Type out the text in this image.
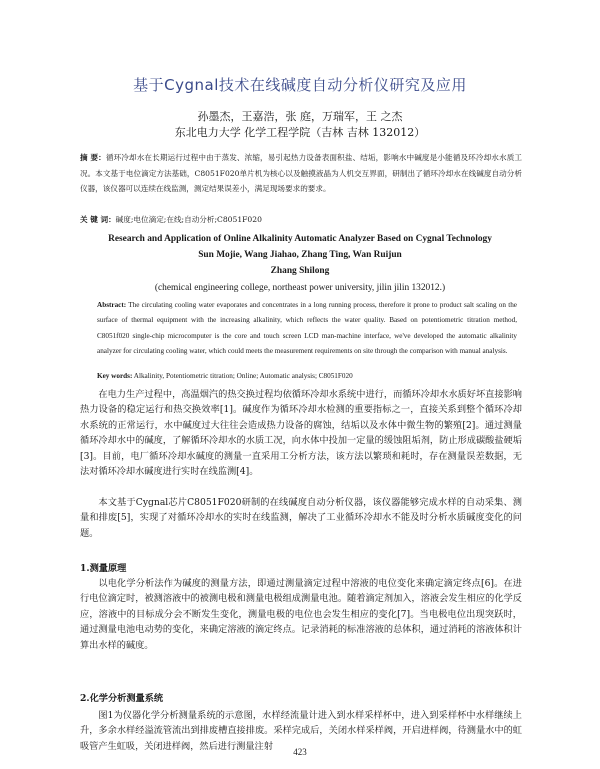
基于Cygnal技术在线碱度自动分析仪研究及应用
孙墨杰，王嘉浩，张 庭，万瑞军，王 之杰
东北电力大学 化学工程学院（吉林 吉林 132012）
摘 要：循环冷却水在长期运行过程中由于蒸发、浓缩，易引起热力设备表面积盐、结垢，影响水中碱度是小能循及环冷却水水质工况。本文基于电位滴定方法基础，C8051F020单片机为核心以及触摸液晶为人机交互界面，研制出了循环冷却水在线碱度自动分析仪器，该仪器可以连续在线监测，测定结果误差小，满足现场要求的要求。
关 键 词：碱度;电位滴定;在线;自动分析;C8051F020
Research and Application of Online Alkalinity Automatic Analyzer Based on Cygnal Technology
Sun Mojie, Wang Jiahao, Zhang Ting, Wan Ruijun
Zhang Shilong
(chemical engineering college, northeast power university, jilin jilin 132012.)
Abstract: The circulating cooling water evaporates and concentrates in a long running process, therefore it prone to product salt scaling on the surface of thermal equipment with the increasing alkalinity, which reflects the water quality. Based on potentiometric titration method, C8051f020 single-chip microcomputer is the core and touch screen LCD man-machine interface, we've developed the automatic alkalinity analyzer for circulating cooling water, which could meets the measurement requirements on site through the comparison with manual analysis.
Key words: Alkalinity, Potentiometric titration; Online; Automatic analysis; C8051F020
在电力生产过程中，高温烟汽的热交换过程均依循环冷却水系统中进行，而循环冷却水水质好坏直接影响热力设备的稳定运行和热交换效率[1]。碱度作为循环冷却水检测的重要指标之一，直接关系到整个循环冷却水系统的正常运行，水中碱度过大往往会造成热力设备的腐蚀，结垢以及水体中微生物的繁殖[2]。通过测量循环冷却水中的碱度，了解循环冷却水的水质工况，向水体中投加一定量的缓蚀阻垢剂，防止形成碳酸盐硬垢[3]。目前，电厂循环冷却水碱度的测量一直采用工分析方法，该方法以繁琐和耗时，存在测量误差数据，无法对循环冷却水碱度进行实时在线监测[4]。
本文基于Cygnal芯片C8051F020研制的在线碱度自动分析仪器，该仪器能够完成水样的自动采集、测量和排废[5]，实现了对循环冷却水的实时在线监测，解决了工业循环冷却水不能及时分析水质碱度变化的问题。
1.测量原理
以电化学分析法作为碱度的测量方法，即通过测量滴定过程中溶液的电位变化来确定滴定终点[6]。在进行电位滴定时，被测溶液中的被测电极和测量电极组成测量电池。随着滴定剂加入，溶液会发生相应的化学反应，溶液中的目标成分会不断发生变化，测量电极的电位也会发生相应的变化[7]。当电极电位出现突跃时，通过测量电池电动势的变化，来确定溶液的滴定终点。记录消耗的标准溶液的总体积，通过消耗的溶液体积计算出水样的碱度。
2.化学分析测量系统
图1为仪器化学分析测量系统的示意图，水样经流量计进入到水样采样杯中，进入到采样杯中水样继续上升，多余水样经溢流管流出到排废槽直接排废。采样完成后，关闭水样采样阀，开启进样阀，待测量水中的虹吸管产生虹吸，关闭进样阀，然后进行测量注射
423
